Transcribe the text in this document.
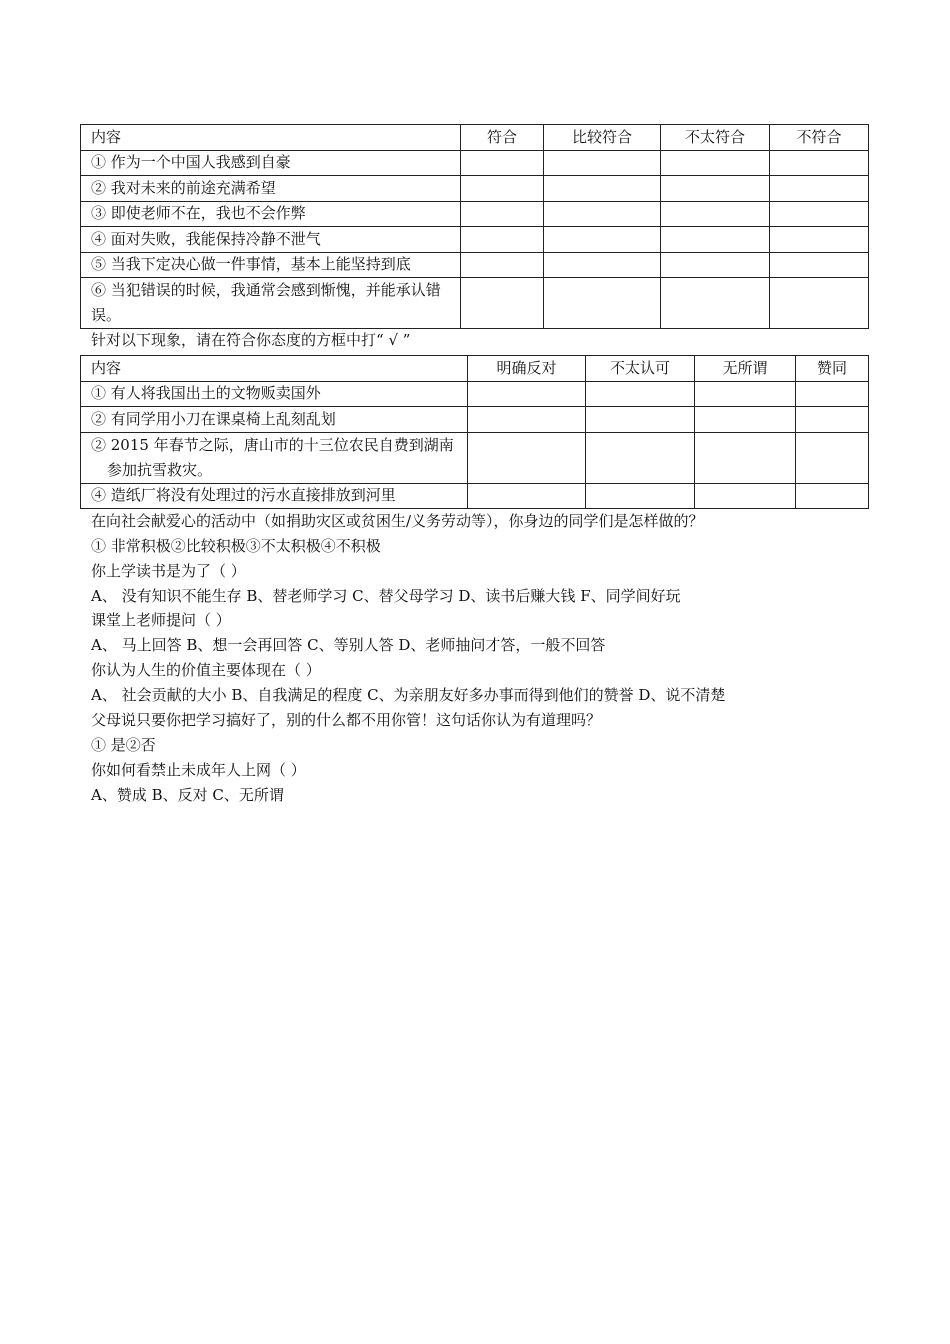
内容	符合	比较符合	不太符合	不符合
① 作为一个中国人我感到自豪				
② 我对未来的前途充满希望				
③ 即使老师不在，我也不会作弊				
④ 面对失败，我能保持冷静不泄气				
⑤ 当我下定决心做一件事情，基本上能坚持到底				
⑥ 当犯错误的时候，我通常会感到惭愧，并能承认错误。				
针对以下现象，请在符合你态度的方框中打“ √ ”
内容	明确反对	不太认可	无所谓	赞同
① 有人将我国出土的文物贩卖国外				
② 有同学用小刀在课桌椅上乱刻乱划				
② 2015 年春节之际，唐山市的十三位农民自费到湖南参加抗雪救灾。				
④ 造纸厂将没有处理过的污水直接排放到河里				
在向社会献爱心的活动中（如捐助灾区或贫困生/义务劳动等），你身边的同学们是怎样做的？
① 非常积极②比较积极③不太积极④不积极
你上学读书是为了（ ）
A、 没有知识不能生存 B、替老师学习 C、替父母学习 D、读书后赚大钱 F、同学间好玩
课堂上老师提问（ ）
A、 马上回答 B、想一会再回答 C、等别人答 D、老师抽问才答，一般不回答
你认为人生的价值主要体现在（ ）
A、 社会贡献的大小 B、自我满足的程度 C、为亲朋友好多办事而得到他们的赞誉 D、说不清楚
父母说只要你把学习搞好了，别的什么都不用你管！这句话你认为有道理吗？
① 是②否
你如何看禁止未成年人上网（ ）
A、赞成 B、反对 C、无所谓
